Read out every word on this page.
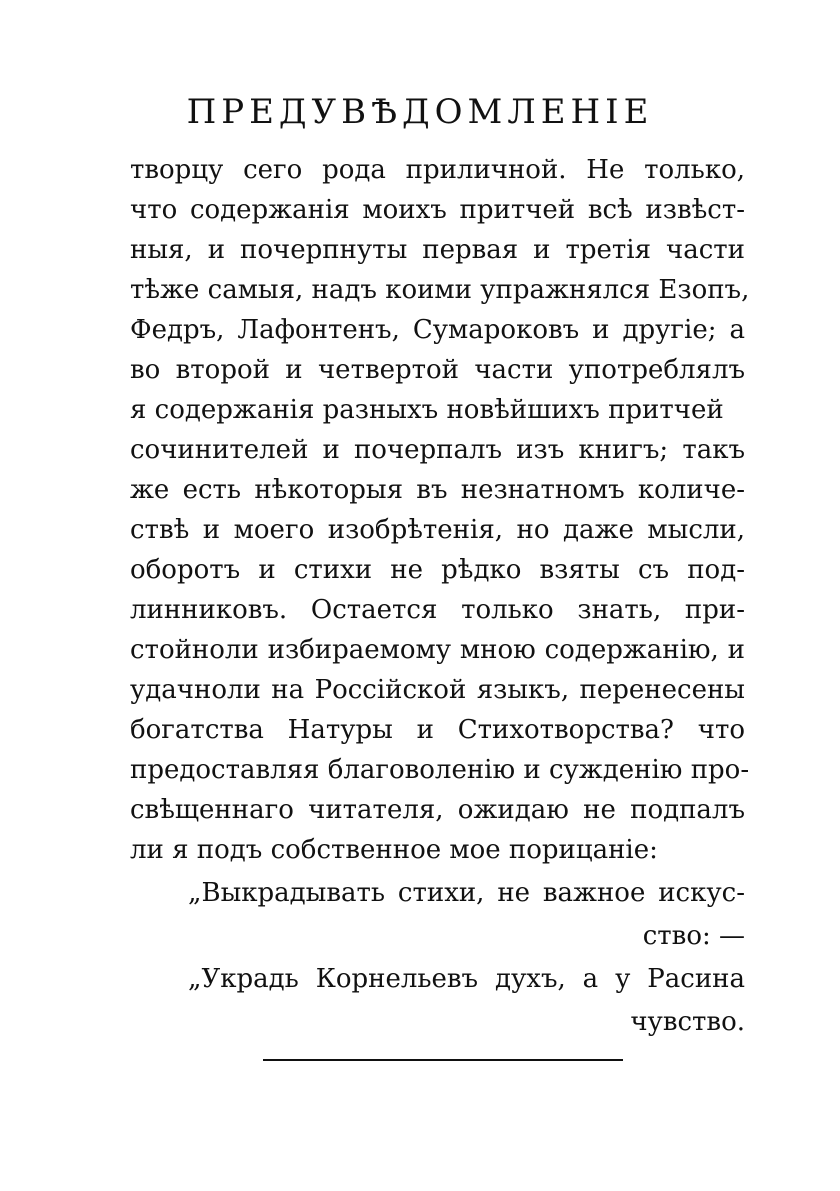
ПРЕДУВѢДОМЛЕНІЕ
творцу сего рода приличной. Не только,
что содержанія моихъ притчей всѣ извѣст-
ныя, и почерпнуты первая и третія части
тѣже самыя, надъ коими упражнялся Езопъ,
Федръ, Лафонтенъ, Сумароковъ и другіе; а
во второй и четвертой части употреблялъ
я содержанія разныхъ новѣйшихъ притчей
сочинителей и почерпалъ изъ книгъ; такъ
же есть нѣкоторыя въ незнатномъ количе-
ствѣ и моего изобрѣтенія, но даже мысли,
оборотъ и стихи не рѣдко взяты съ под-
линниковъ. Остается только знать, при-
стойноли избираемому мною содержанію, и
удачноли на Россійской языкъ, перенесены
богатства Натуры и Стихотворства? что
предоставляя благоволенію и сужденію про-
свѣщеннаго читателя, ожидаю не подпалъ
ли я подъ собственное мое порицаніе:
„Выкрадывать стихи, не важное искус-
ство: —
„Украдь Корнельевъ духъ, а у Расина
чувство.
